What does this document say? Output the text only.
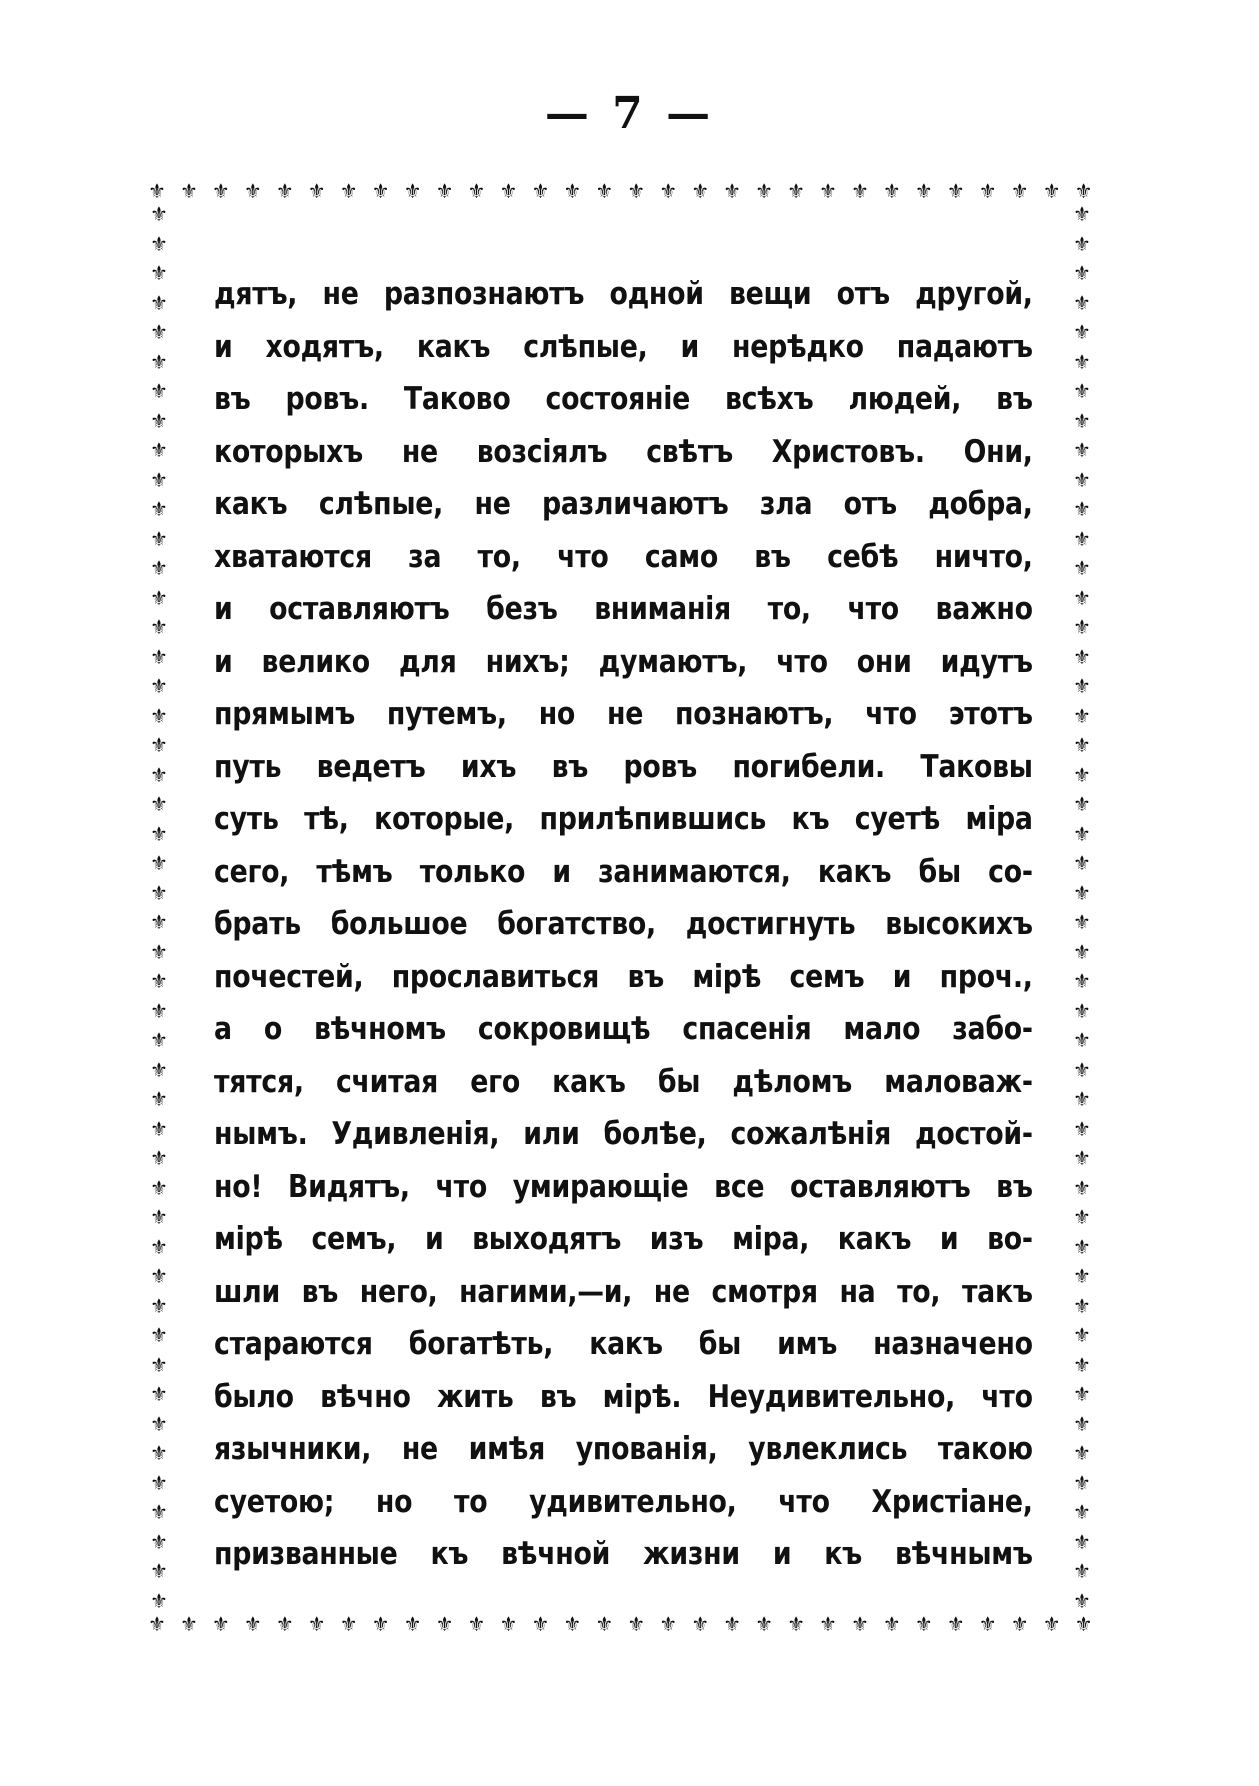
— 7 —
⚜ ⚜ ⚜ ⚜ ⚜ ⚜ ⚜ ⚜ ⚜ ⚜ ⚜ ⚜ ⚜ ⚜ ⚜ ⚜ ⚜ ⚜ ⚜ ⚜ ⚜ ⚜ ⚜ ⚜ ⚜ ⚜ ⚜ ⚜ ⚜ ⚜
⚜
⚜
⚜
⚜
⚜
⚜
⚜
⚜
⚜
⚜
⚜
⚜
⚜
⚜
⚜
⚜
⚜
⚜
⚜
⚜
⚜
⚜
⚜
⚜
⚜
⚜
⚜
⚜
⚜
⚜
⚜
⚜
⚜
⚜
⚜
⚜
⚜
⚜
⚜
⚜
⚜
⚜
⚜
⚜
⚜
⚜
⚜
⚜
⚜
⚜
⚜
⚜
⚜
⚜
⚜
⚜
⚜
⚜
⚜
⚜
⚜
⚜
⚜
⚜
⚜
⚜
⚜
⚜
⚜
⚜
⚜
⚜
⚜
⚜
⚜
⚜
⚜
⚜
⚜
⚜
⚜
⚜
⚜
⚜
⚜
⚜
⚜
⚜
⚜
⚜
⚜
⚜
⚜
⚜
⚜
⚜
⚜ ⚜ ⚜ ⚜ ⚜ ⚜ ⚜ ⚜ ⚜ ⚜ ⚜ ⚜ ⚜ ⚜ ⚜ ⚜ ⚜ ⚜ ⚜ ⚜ ⚜ ⚜ ⚜ ⚜ ⚜ ⚜ ⚜ ⚜ ⚜ ⚜
дятъ, не разпознаютъ одной вещи отъ другой,
и ходятъ, какъ слѣпые, и нерѣдко падаютъ
въ ровъ. Таково состояніе всѣхъ людей, въ
которыхъ не возсіялъ свѣтъ Христовъ. Они,
какъ слѣпые, не различаютъ зла отъ добра,
хватаются за то, что само въ себѣ ничто,
и оставляютъ безъ вниманія то, что важно
и велико для нихъ; думаютъ, что они идутъ
прямымъ путемъ, но не познаютъ, что этотъ
путь ведетъ ихъ въ ровъ погибели. Таковы
суть тѣ, которые, прилѣпившись къ суетѣ міра
сего, тѣмъ только и занимаются, какъ бы со-
брать большое богатство, достигнуть высокихъ
почестей, прославиться въ мірѣ семъ и проч.,
а о вѣчномъ сокровищѣ спасенія мало забо-
тятся, считая его какъ бы дѣломъ маловаж-
нымъ. Удивленія, или болѣе, сожалѣнія достой-
но! Видятъ, что умирающіе все оставляютъ въ
мірѣ семъ, и выходятъ изъ міра, какъ и во-
шли въ него, нагими,—и, не смотря на то, такъ
стараются богатѣть, какъ бы имъ назначено
было вѣчно жить въ мірѣ. Неудивительно, что
язычники, не имѣя упованія, увлеклись такою
суетою; но то удивительно, что Христіане,
призванные къ вѣчной жизни и къ вѣчнымъ
